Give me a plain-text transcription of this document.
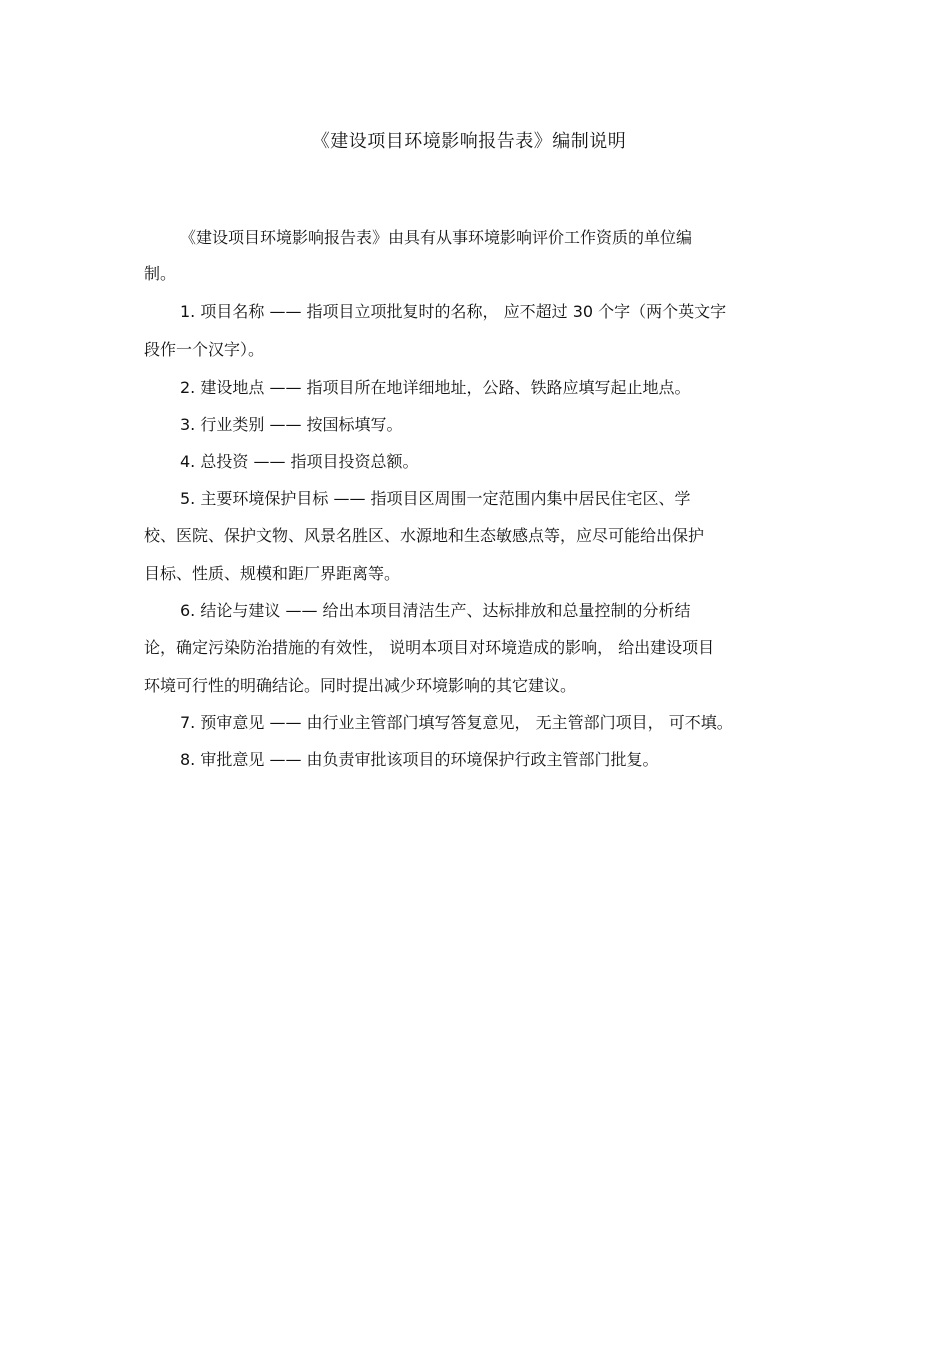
《建设项目环境影响报告表》编制说明
《建设项目环境影响报告表》由具有从事环境影响评价工作资质的单位编
制。
1. 项目名称 —— 指项目立项批复时的名称， 应不超过 30 个字（两个英文字
段作一个汉字）。
2. 建设地点 —— 指项目所在地详细地址，公路、铁路应填写起止地点。
3. 行业类别 —— 按国标填写。
4. 总投资 —— 指项目投资总额。
5. 主要环境保护目标 —— 指项目区周围一定范围内集中居民住宅区、学
校、医院、保护文物、风景名胜区、水源地和生态敏感点等，应尽可能给出保护
目标、性质、规模和距厂界距离等。
6. 结论与建议 —— 给出本项目清洁生产、达标排放和总量控制的分析结
论，确定污染防治措施的有效性， 说明本项目对环境造成的影响， 给出建设项目
环境可行性的明确结论。同时提出减少环境影响的其它建议。
7. 预审意见 —— 由行业主管部门填写答复意见， 无主管部门项目， 可不填。
8. 审批意见 —— 由负责审批该项目的环境保护行政主管部门批复。
